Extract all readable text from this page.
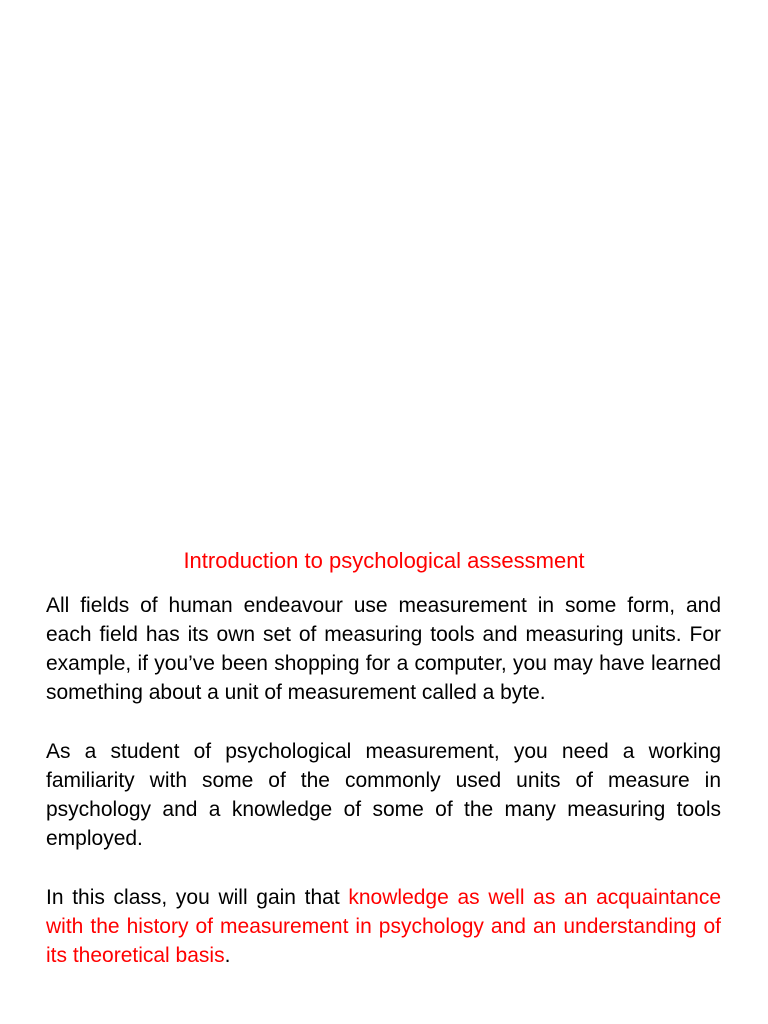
Introduction to psychological assessment

All fields of human endeavour use measurement in some form, and each field has its own set of measuring tools and measuring units. For example, if you’ve been shopping for a computer, you may have learned something about a unit of measurement called a byte.

As a student of psychological measurement, you need a working familiarity with some of the commonly used units of measure in psychology and a knowledge of some of the many measuring tools employed.

In this class, you will gain that knowledge as well as an acquaintance with the history of measurement in psychology and an understanding of its theoretical basis.
